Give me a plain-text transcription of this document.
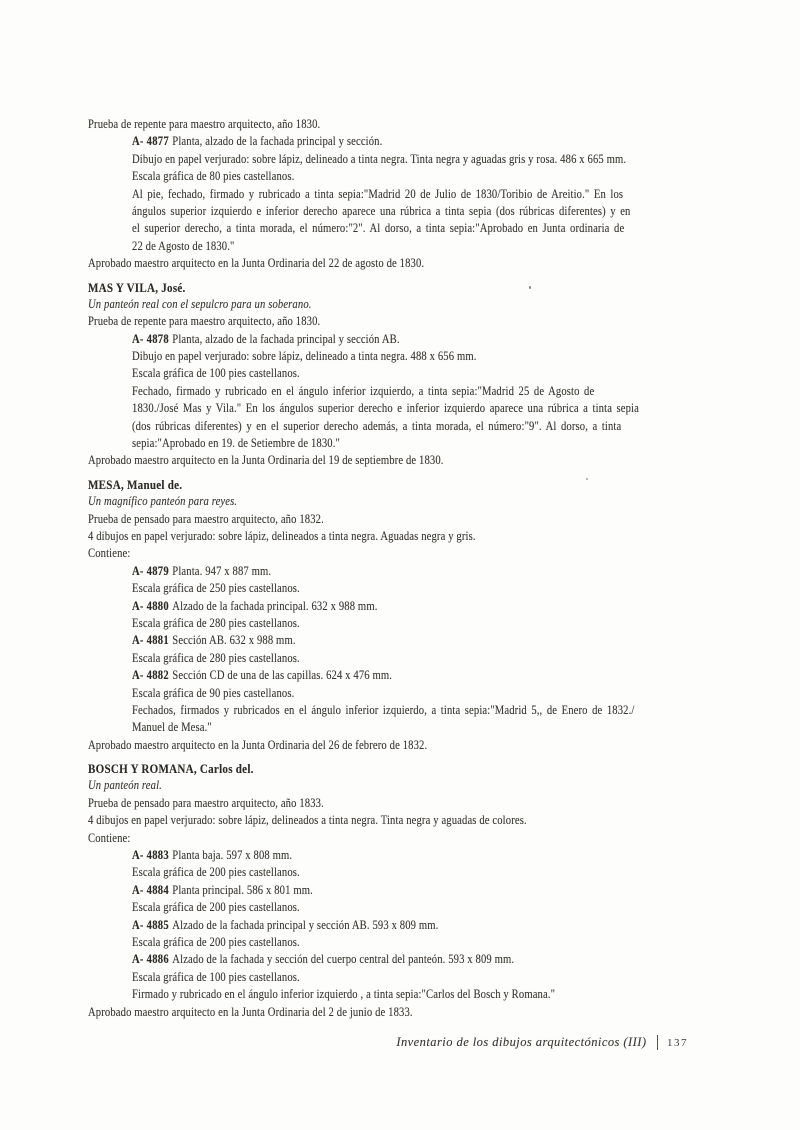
Prueba de repente para maestro arquitecto, año 1830.
A- 4877 Planta, alzado de la fachada principal y sección.
Dibujo en papel verjurado: sobre lápiz, delineado a tinta negra. Tinta negra y aguadas gris y rosa. 486 x 665 mm.
Escala gráfica de 80 pies castellanos.
Al pie, fechado, firmado y rubricado a tinta sepia:"Madrid 20 de Julio de 1830/Toribio de Areitio." En los
ángulos superior izquierdo e inferior derecho aparece una rúbrica a tinta sepia (dos rúbricas diferentes) y en
el superior derecho, a tinta morada, el número:"2". Al dorso, a tinta sepia:"Aprobado en Junta ordinaria de
22 de Agosto de 1830."
Aprobado maestro arquitecto en la Junta Ordinaria del 22 de agosto de 1830.
MAS Y VILA, José.
Un panteón real con el sepulcro para un soberano.
Prueba de repente para maestro arquitecto, año 1830.
A- 4878 Planta, alzado de la fachada principal y sección AB.
Dibujo en papel verjurado: sobre lápiz, delineado a tinta negra. 488 x 656 mm.
Escala gráfica de 100 pies castellanos.
Fechado, firmado y rubricado en el ángulo inferior izquierdo, a tinta sepia:"Madrid 25 de Agosto de
1830./José Mas y Vila." En los ángulos superior derecho e inferior izquierdo aparece una rúbrica a tinta sepia
(dos rúbricas diferentes) y en el superior derecho además, a tinta morada, el número:"9". Al dorso, a tinta
sepia:"Aprobado en 19. de Setiembre de 1830."
Aprobado maestro arquitecto en la Junta Ordinaria del 19 de septiembre de 1830.
MESA, Manuel de.
Un magnífico panteón para reyes.
Prueba de pensado para maestro arquitecto, año 1832.
4 dibujos en papel verjurado: sobre lápiz, delineados a tinta negra. Aguadas negra y gris.
Contiene:
A- 4879 Planta. 947 x 887 mm.
Escala gráfica de 250 pies castellanos.
A- 4880 Alzado de la fachada principal. 632 x 988 mm.
Escala gráfica de 280 pies castellanos.
A- 4881 Sección AB. 632 x 988 mm.
Escala gráfica de 280 pies castellanos.
A- 4882 Sección CD de una de las capillas. 624 x 476 mm.
Escala gráfica de 90 pies castellanos.
Fechados, firmados y rubricados en el ángulo inferior izquierdo, a tinta sepia:"Madrid 5,, de Enero de 1832./
Manuel de Mesa."
Aprobado maestro arquitecto en la Junta Ordinaria del 26 de febrero de 1832.
BOSCH Y ROMANA, Carlos del.
Un panteón real.
Prueba de pensado para maestro arquitecto, año 1833.
4 dibujos en papel verjurado: sobre lápiz, delineados a tinta negra. Tinta negra y aguadas de colores.
Contiene:
A- 4883 Planta baja. 597 x 808 mm.
Escala gráfica de 200 pies castellanos.
A- 4884 Planta principal. 586 x 801 mm.
Escala gráfica de 200 pies castellanos.
A- 4885 Alzado de la fachada principal y sección AB. 593 x 809 mm.
Escala gráfica de 200 pies castellanos.
A- 4886 Alzado de la fachada y sección del cuerpo central del panteón. 593 x 809 mm.
Escala gráfica de 100 pies castellanos.
Firmado y rubricado en el ángulo inferior izquierdo , a tinta sepia:"Carlos del Bosch y Romana."
Aprobado maestro arquitecto en la Junta Ordinaria del 2 de junio de 1833.
Inventario de los dibujos arquitectónicos (III) 137
